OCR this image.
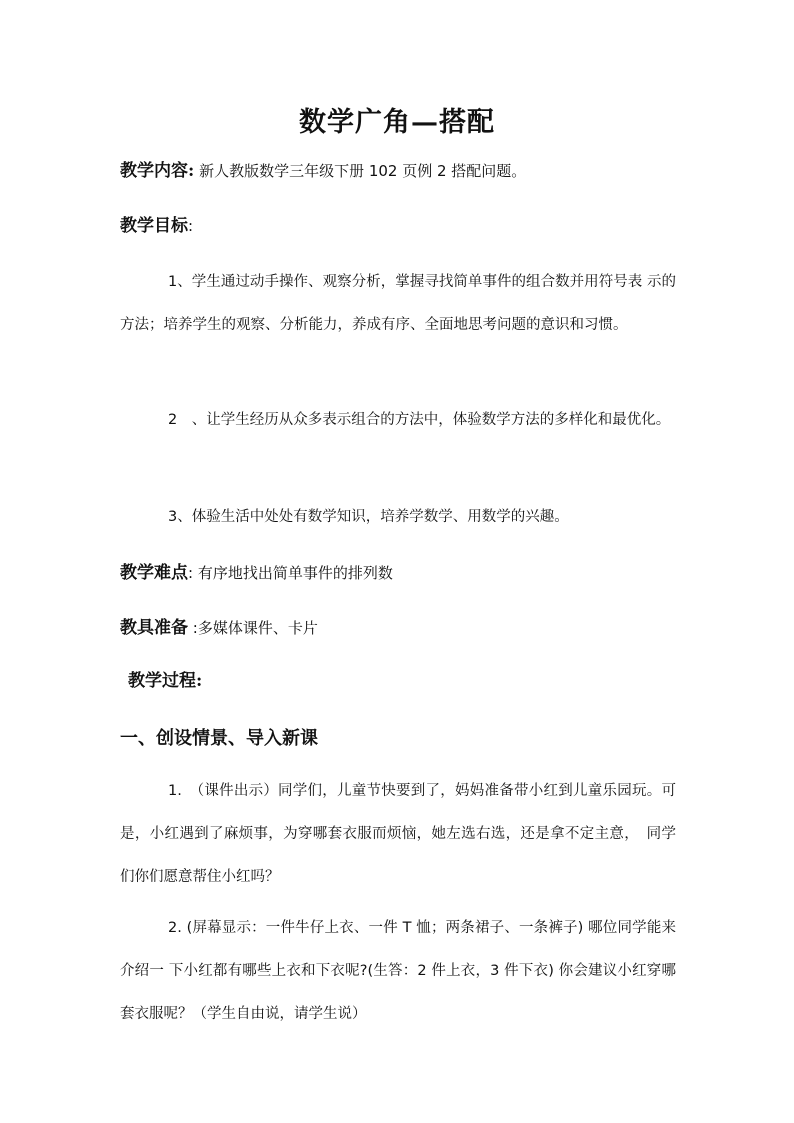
数学广角—搭配
教学内容: 新人教版数学三年级下册 102 页例 2 搭配问题。
教学目标:
1、学生通过动手操作、观察分析，掌握寻找简单事件的组合数并用符号表 示的方法；培养学生的观察、分析能力，养成有序、全面地思考问题的意识和习惯。
2　、让学生经历从众多表示组合的方法中，体验数学方法的多样化和最优化。
3、体验生活中处处有数学知识，培养学数学、用数学的兴趣。
教学难点: 有序地找出简单事件的排列数
教具准备 :多媒体课件、卡片
教学过程:
一、创设情景、导入新课
1.　（课件出示）同学们，儿童节快要到了，妈妈准备带小红到儿童乐园玩。可是，小红遇到了麻烦事，为穿哪套衣服而烦恼，她左选右选，还是拿不定主意，　同学们你们愿意帮住小红吗？
2. (屏幕显示：一件牛仔上衣、一件 T 恤；两条裙子、一条裤子) 哪位同学能来介绍一 下小红都有哪些上衣和下衣呢?(生答：2 件上衣，3 件下衣) 你会建议小红穿哪套衣服呢？（学生自由说，请学生说）
